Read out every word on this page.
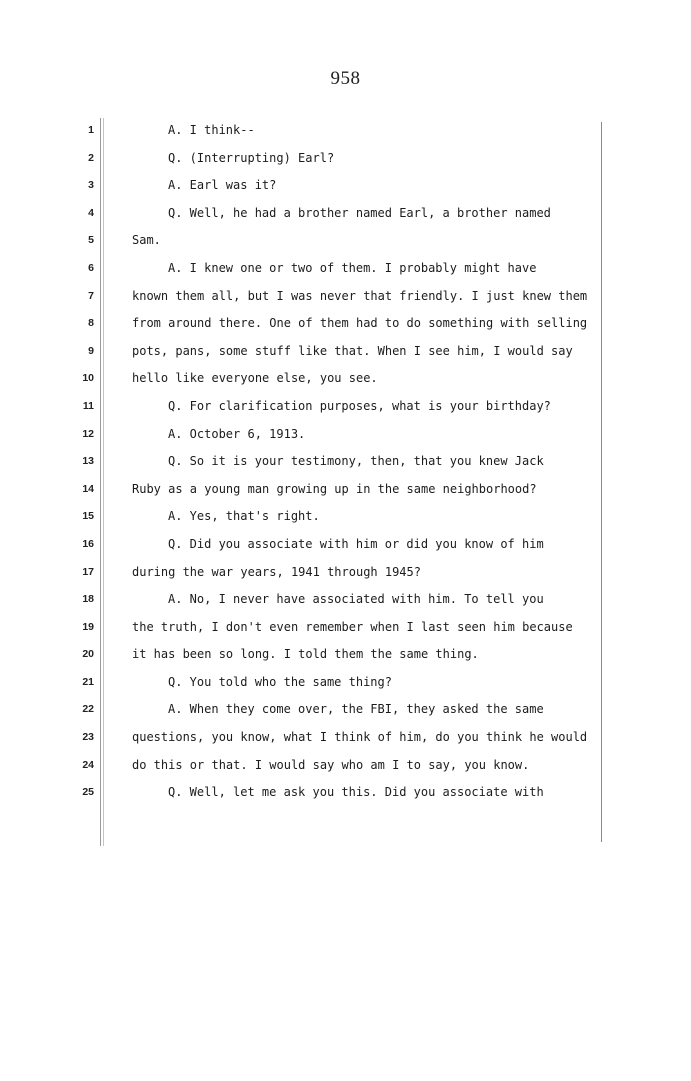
958
1	A. I think--
2	Q. (Interrupting) Earl?
3	A. Earl was it?
4	Q. Well, he had a brother named Earl, a brother named
5	Sam.
6	A. I knew one or two of them. I probably might have
7	known them all, but I was never that friendly. I just knew them
8	from around there. One of them had to do something with selling
9	pots, pans, some stuff like that. When I see him, I would say
10	hello like everyone else, you see.
11	Q. For clarification purposes, what is your birthday?
12	A. October 6, 1913.
13	Q. So it is your testimony, then, that you knew Jack
14	Ruby as a young man growing up in the same neighborhood?
15	A. Yes, that's right.
16	Q. Did you associate with him or did you know of him
17	during the war years, 1941 through 1945?
18	A. No, I never have associated with him. To tell you
19	the truth, I don't even remember when I last seen him because
20	it has been so long. I told them the same thing.
21	Q. You told who the same thing?
22	A. When they come over, the FBI, they asked the same
23	questions, you know, what I think of him, do you think he would
24	do this or that. I would say who am I to say, you know.
25	Q. Well, let me ask you this. Did you associate with
